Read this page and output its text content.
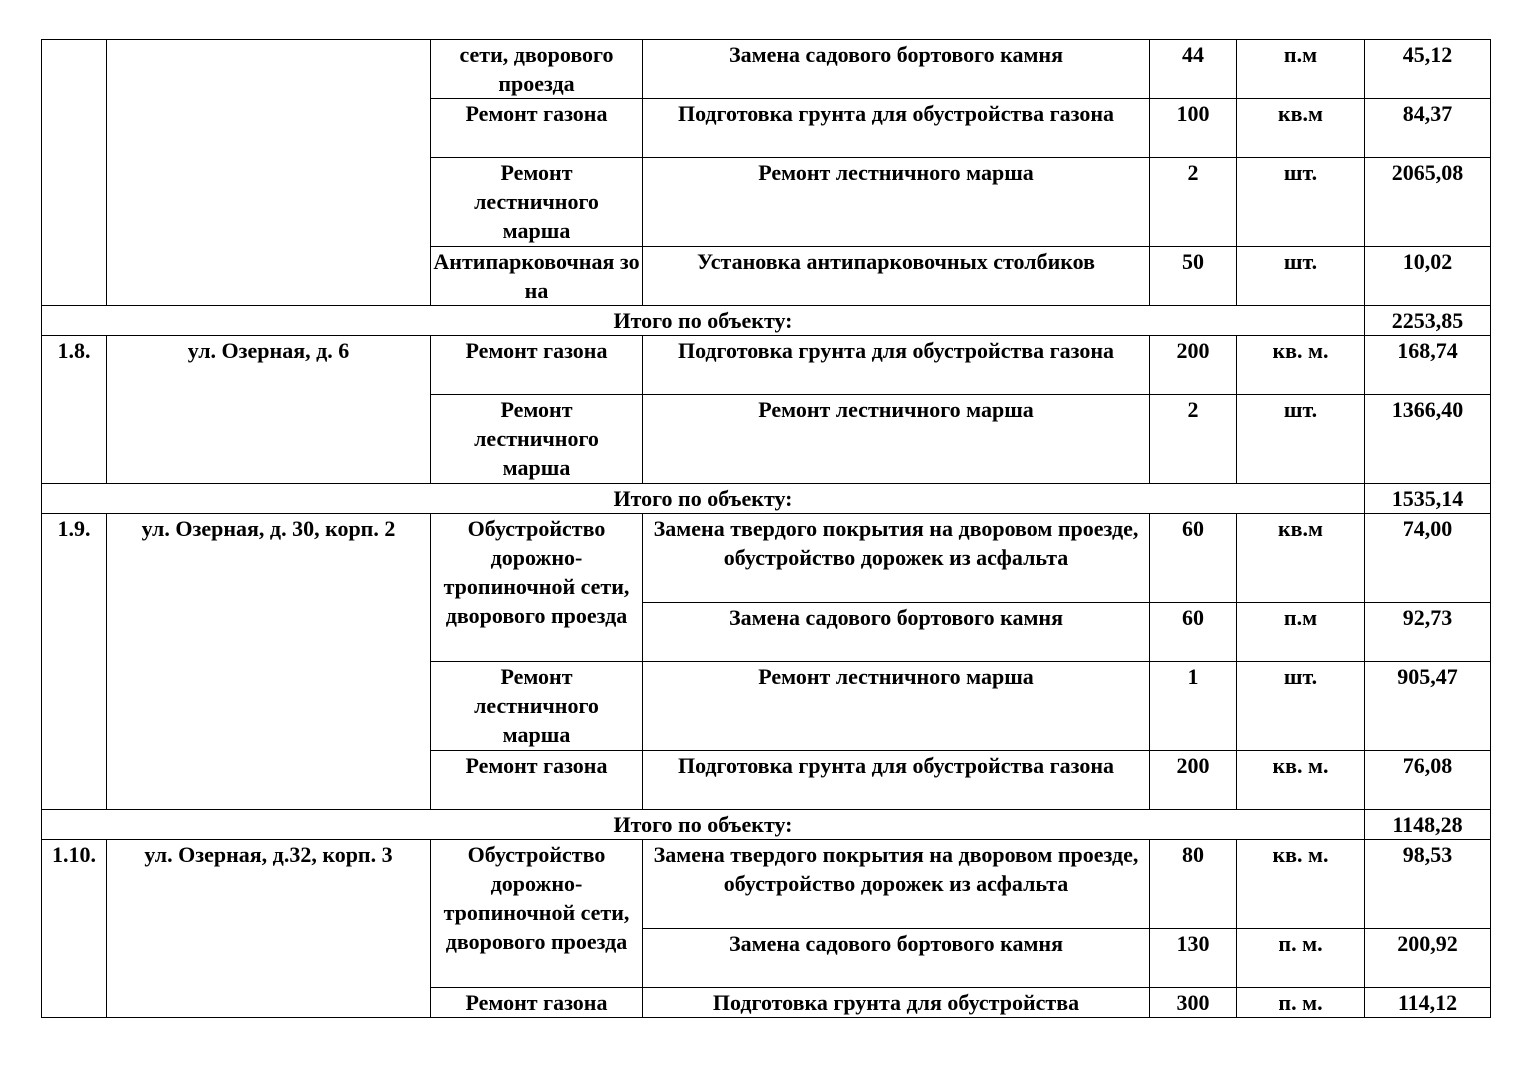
		сети, дворового проезда	Замена садового бортового камня	44	п.м	45,12
		Ремонт газона	Подготовка грунта для обустройства газона	100	кв.м	84,37
		Ремонт лестничного марша	Ремонт лестничного марша	2	шт.	2065,08
		Антипарковочная зона	Установка антипарковочных столбиков	50	шт.	10,02
Итого по объекту:						2253,85
1.8.	ул. Озерная, д. 6	Ремонт газона	Подготовка грунта для обустройства газона	200	кв. м.	168,74
		Ремонт лестничного марша	Ремонт лестничного марша	2	шт.	1366,40
Итого по объекту:						1535,14
1.9.	ул. Озерная, д. 30, корп. 2	Обустройство дорожно-тропиночной сети, дворового проезда	Замена твердого покрытия на дворовом проезде,
обустройство дорожек из асфальта	60	кв.м	74,00
			Замена садового бортового камня	60	п.м	92,73
		Ремонт лестничного марша	Ремонт лестничного марша	1	шт.	905,47
		Ремонт газона	Подготовка грунта для обустройства газона	200	кв. м.	76,08
Итого по объекту:						1148,28
1.10.	ул. Озерная, д.32, корп. 3	Обустройство дорожно-тропиночной сети, дворового проезда	Замена твердого покрытия на дворовом проезде,
обустройство дорожек из асфальта	80	кв. м.	98,53
			Замена садового бортового камня	130	п. м.	200,92
		Ремонт газона	Подготовка грунта для обустройства	300	п. м.	114,12
